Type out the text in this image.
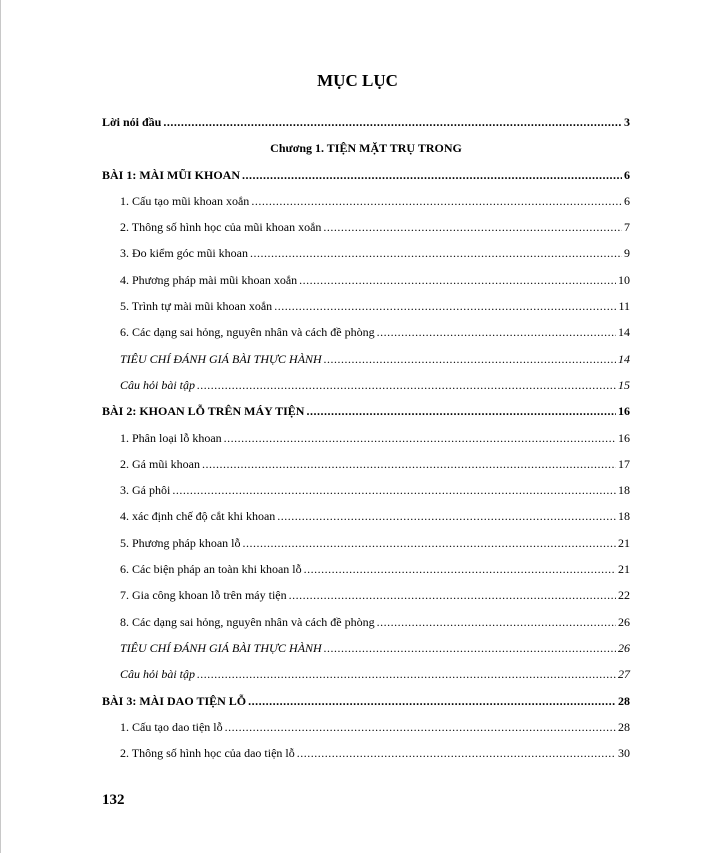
MỤC LỤC
Lời nói đầu .....	3
Chương 1. TIỆN MẶT TRỤ TRONG
BÀI 1: MÀI MŨI KHOAN .....	6
1. Cấu tạo mũi khoan xoắn .....	6
2. Thông số hình học của mũi khoan xoắn .....	7
3. Đo kiểm góc mũi khoan .....	9
4. Phương pháp mài mũi khoan xoắn .....	10
5. Trình tự mài mũi khoan xoắn .....	11
6. Các dạng sai hỏng, nguyên nhân và cách đề phòng .....	14
TIÊU CHÍ ĐÁNH GIÁ BÀI THỰC HÀNH .....	14
Câu hỏi bài tập .....	15
BÀI 2: KHOAN LỖ TRÊN MÁY TIỆN .....	16
1. Phân loại lỗ khoan .....	16
2. Gá mũi khoan .....	17
3. Gá phôi .....	18
4. xác định chế độ cắt khi khoan .....	18
5. Phương pháp khoan lỗ .....	21
6. Các biện pháp an toàn khi khoan lỗ .....	21
7. Gia công khoan lỗ trên máy tiện .....	22
8. Các dạng sai hỏng, nguyên nhân và cách đề phòng .....	26
TIÊU CHÍ ĐÁNH GIÁ BÀI THỰC HÀNH .....	26
Câu hỏi bài tập .....	27
BÀI 3: MÀI DAO TIỆN LỖ .....	28
1. Cấu tạo dao tiện lỗ .....	28
2. Thông số hình học của dao tiện lỗ .....	30
132
